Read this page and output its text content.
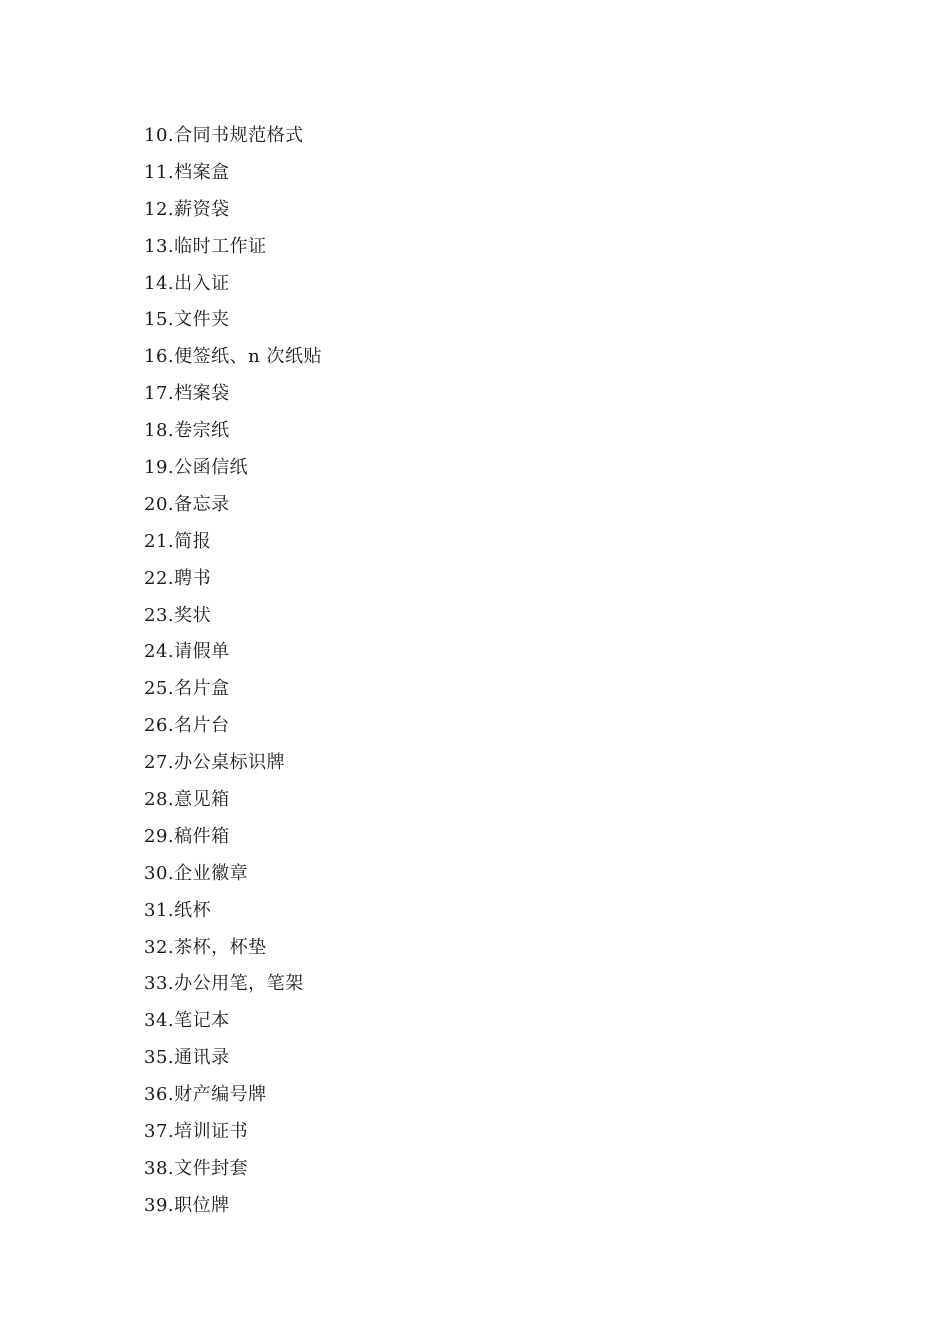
10.合同书规范格式
11.档案盒
12.薪资袋
13.临时工作证
14.出入证
15.文件夹
16.便签纸、n 次纸贴
17.档案袋
18.卷宗纸
19.公函信纸
20.备忘录
21.简报
22.聘书
23.奖状
24.请假单
25.名片盒
26.名片台
27.办公桌标识牌
28.意见箱
29.稿件箱
30.企业徽章
31.纸杯
32.茶杯，杯垫
33.办公用笔，笔架
34.笔记本
35.通讯录
36.财产编号牌
37.培训证书
38.文件封套
39.职位牌
